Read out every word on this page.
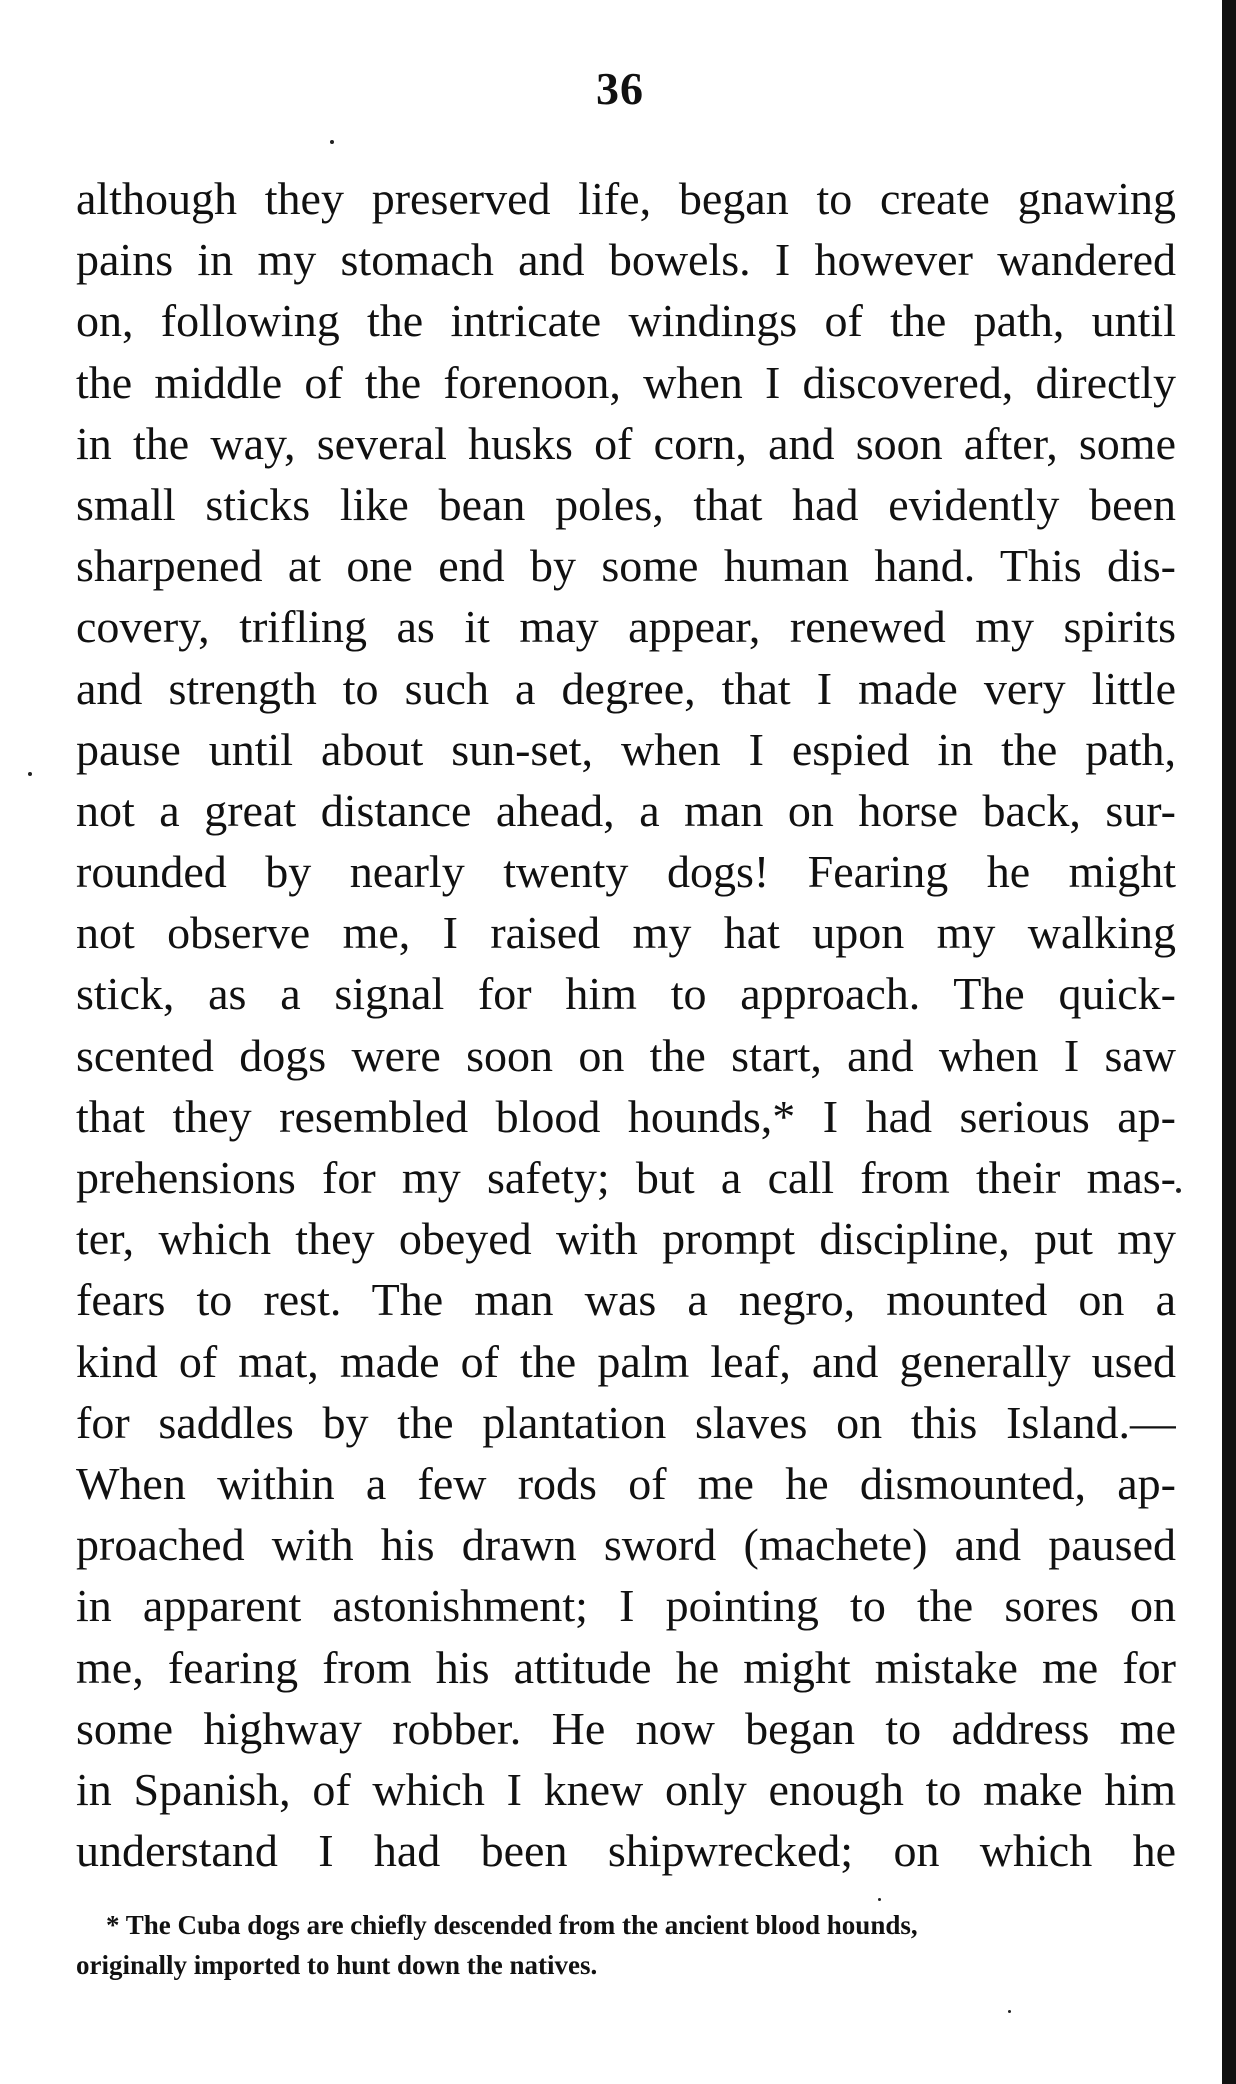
36
although they preserved life, began to create gnawing
pains in my stomach and bowels. I however wandered
on, following the intricate windings of the path, until
the middle of the forenoon, when I discovered, directly
in the way, several husks of corn, and soon after, some
small sticks like bean poles, that had evidently been
sharpened at one end by some human hand. This dis-
covery, trifling as it may appear, renewed my spirits
and strength to such a degree, that I made very little
pause until about sun-set, when I espied in the path,
not a great distance ahead, a man on horse back, sur-
rounded by nearly twenty dogs! Fearing he might
not observe me, I raised my hat upon my walking
stick, as a signal for him to approach. The quick-
scented dogs were soon on the start, and when I saw
that they resembled blood hounds,* I had serious ap-
prehensions for my safety; but a call from their mas-
ter, which they obeyed with prompt discipline, put my
fears to rest. The man was a negro, mounted on a
kind of mat, made of the palm leaf, and generally used
for saddles by the plantation slaves on this Island.—
When within a few rods of me he dismounted, ap-
proached with his drawn sword (machete) and paused
in apparent astonishment; I pointing to the sores on
me, fearing from his attitude he might mistake me for
some highway robber. He now began to address me
in Spanish, of which I knew only enough to make him
understand I had been shipwrecked; on which he
* The Cuba dogs are chiefly descended from the ancient blood hounds,
originally imported to hunt down the natives.
